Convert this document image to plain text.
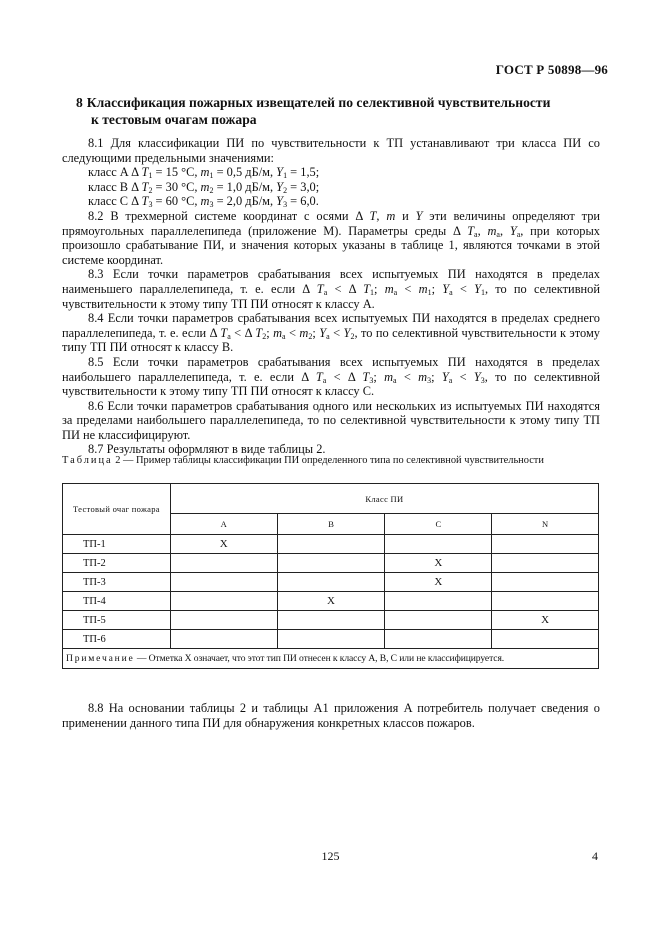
ГОСТ Р 50898—96
8 Классификация пожарных извещателей по селективной чувствительности
к тестовым очагам пожара

8.1 Для классификации ПИ по чувствительности к ТП устанавливают три класса ПИ со следующими предельными значениями:

класс A Δ $T_1 = 15$ °C, $m_1 = 0,5$ дБ/м, $Y_1 = 1,5$;
класс B Δ $T_2 = 30$ °C, $m_2 = 1,0$ дБ/м, $Y_2 = 3,0$;
класс C Δ $T_3 = 60$ °C, $m_3 = 2,0$ дБ/м, $Y_3 = 6,0$.

8.2 В трехмерной системе координат с осями Δ T, m и Y эти величины определяют три прямоугольных параллелепипеда (приложение М). Параметры среды Δ $T_a$, $m_a$, $Y_a$, при которых произошло срабатывание ПИ, и значения которых указаны в таблице 1, являются точками в этой системе координат.

8.3 Если точки параметров срабатывания всех испытуемых ПИ находятся в пределах наименьшего параллелепипеда, т. е. если Δ $T_a < \Delta$ $T_1$; $m_a < m_1$; $Y_a < Y_1$, то по селективной чувствительности к этому типу ТП ПИ относят к классу А.

8.4 Если точки параметров срабатывания всех испытуемых ПИ находятся в пределах среднего параллелепипеда, т. е. если Δ $T_a < \Delta$ $T_2$; $m_a < m_2$; $Y_a < Y_2$, то по селективной чувствительности к этому типу ТП ПИ относят к классу B.

8.5 Если точки параметров срабатывания всех испытуемых ПИ находятся в пределах наибольшего параллелепипеда, т. е. если Δ $T_a < \Delta$ $T_3$; $m_a < m_3$; $Y_a < Y_3$, то по селективной чувствительности к этому типу ТП ПИ относят к классу C.

8.6 Если точки параметров срабатывания одного или нескольких из испытуемых ПИ находятся за пределами наибольшего параллелепипеда, то по селективной чувствительности к этому типу ТП ПИ не классифицируют.

8.7 Результаты оформляют в виде таблицы 2.

Таблица 2 — Пример таблицы классификации ПИ определенного типа по селективной чувствительности
Тестовый очаг пожара	Класс ПИ			
	A	B	C	N
ТП-1	X			
ТП-2			X	
ТП-3			X	
ТП-4		X		
ТП-5				X
ТП-6				
Примечание — Отметка X означает, что этот тип ПИ отнесен к классу A, B, C или не классифицируется.				

8.8 На основании таблицы 2 и таблицы A1 приложения A потребитель получает сведения о применении данного типа ПИ для обнаружения конкретных классов пожаров.

125	4
